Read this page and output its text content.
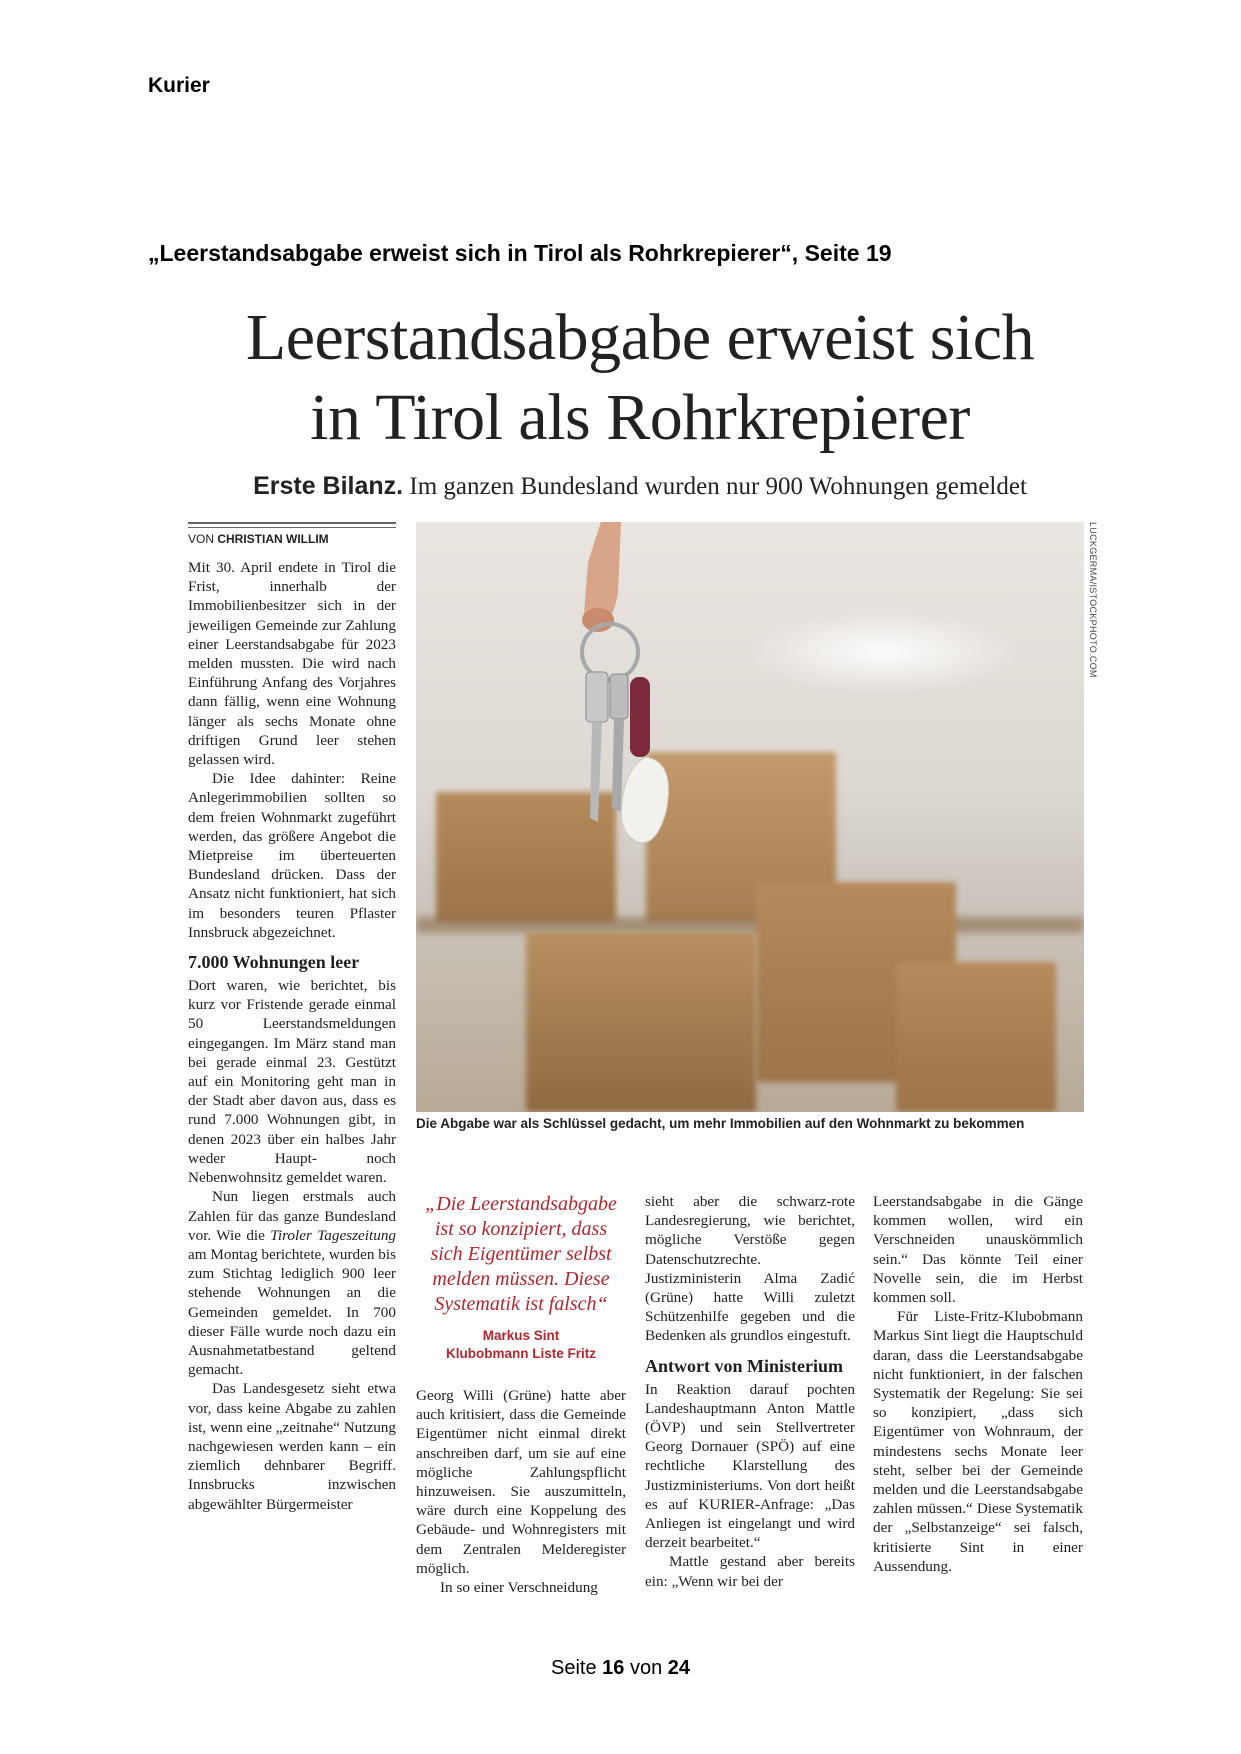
Kurier
„Leerstandsabgabe erweist sich in Tirol als Rohrkrepierer“, Seite 19
Leerstandsabgabe erweist sich
in Tirol als Rohrkrepierer
Erste Bilanz. Im ganzen Bundesland wurden nur 900 Wohnungen gemeldet
VON CHRISTIAN WILLIM

Mit 30. April endete in Tirol die Frist, innerhalb der Immobilienbesitzer sich in der jeweiligen Gemeinde zur Zahlung einer Leerstandsabgabe für 2023 melden mussten. Die wird nach Einführung Anfang des Vorjahres dann fällig, wenn eine Wohnung länger als sechs Monate ohne driftigen Grund leer stehen gelassen wird.

Die Idee dahinter: Reine Anlegerimmobilien sollten so dem freien Wohnmarkt zugeführt werden, das größere Angebot die Mietpreise im überteuerten Bundesland drücken. Dass der Ansatz nicht funktioniert, hat sich im besonders teuren Pflaster Innsbruck abgezeichnet.

7.000 Wohnungen leer

Dort waren, wie berichtet, bis kurz vor Fristende gerade einmal 50 Leerstandsmeldungen eingegangen. Im März stand man bei gerade einmal 23. Gestützt auf ein Monitoring geht man in der Stadt aber davon aus, dass es rund 7.000 Wohnungen gibt, in denen 2023 über ein halbes Jahr weder Haupt- noch Nebenwohnsitz gemeldet waren.

Nun liegen erstmals auch Zahlen für das ganze Bundesland vor. Wie die Tiroler Tageszeitung am Montag berichtete, wurden bis zum Stichtag lediglich 900 leer stehende Wohnungen an die Gemeinden gemeldet. In 700 dieser Fälle wurde noch dazu ein Ausnahmetatbestand geltend gemacht.

Das Landesgesetz sieht etwa vor, dass keine Abgabe zu zahlen ist, wenn eine „zeitnahe“ Nutzung nachgewiesen werden kann – ein ziemlich dehnbarer Begriff. Innsbrucks inzwischen abgewählter Bürgermeister

LUCKGERMA/ISTOCKPHOTO.COM
Die Abgabe war als Schlüssel gedacht, um mehr Immobilien auf den Wohnmarkt zu bekommen
„Die Leerstandsabgabe ist so konzipiert, dass sich Eigentümer selbst melden müssen. Diese Systematik ist falsch“
Markus Sint
Klubobmann Liste Fritz

Georg Willi (Grüne) hatte aber auch kritisiert, dass die Gemeinde Eigentümer nicht einmal direkt anschreiben darf, um sie auf eine mögliche Zahlungspflicht hinzuweisen. Sie auszumitteln, wäre durch eine Koppelung des Gebäude- und Wohnregisters mit dem Zentralen Melderegister möglich.

In so einer Verschneidung

sieht aber die schwarz-rote Landesregierung, wie berichtet, mögliche Verstöße gegen Datenschutzrechte. Justizministerin Alma Zadić (Grüne) hatte Willi zuletzt Schützenhilfe gegeben und die Bedenken als grundlos eingestuft.

Antwort von Ministerium

In Reaktion darauf pochten Landeshauptmann Anton Mattle (ÖVP) und sein Stellvertreter Georg Dornauer (SPÖ) auf eine rechtliche Klarstellung des Justizministeriums. Von dort heißt es auf KURIER-Anfrage: „Das Anliegen ist eingelangt und wird derzeit bearbeitet.“

Mattle gestand aber bereits ein: „Wenn wir bei der

Leerstandsabgabe in die Gänge kommen wollen, wird ein Verschneiden unauskömmlich sein.“ Das könnte Teil einer Novelle sein, die im Herbst kommen soll.

Für Liste-Fritz-Klubobmann Markus Sint liegt die Hauptschuld daran, dass die Leerstandsabgabe nicht funktioniert, in der falschen Systematik der Regelung: Sie sei so konzipiert, „dass sich Eigentümer von Wohnraum, der mindestens sechs Monate leer steht, selber bei der Gemeinde melden und die Leerstandsabgabe zahlen müssen.“ Diese Systematik der „Selbstanzeige“ sei falsch, kritisierte Sint in einer Aussendung.

Seite 16 von 24
